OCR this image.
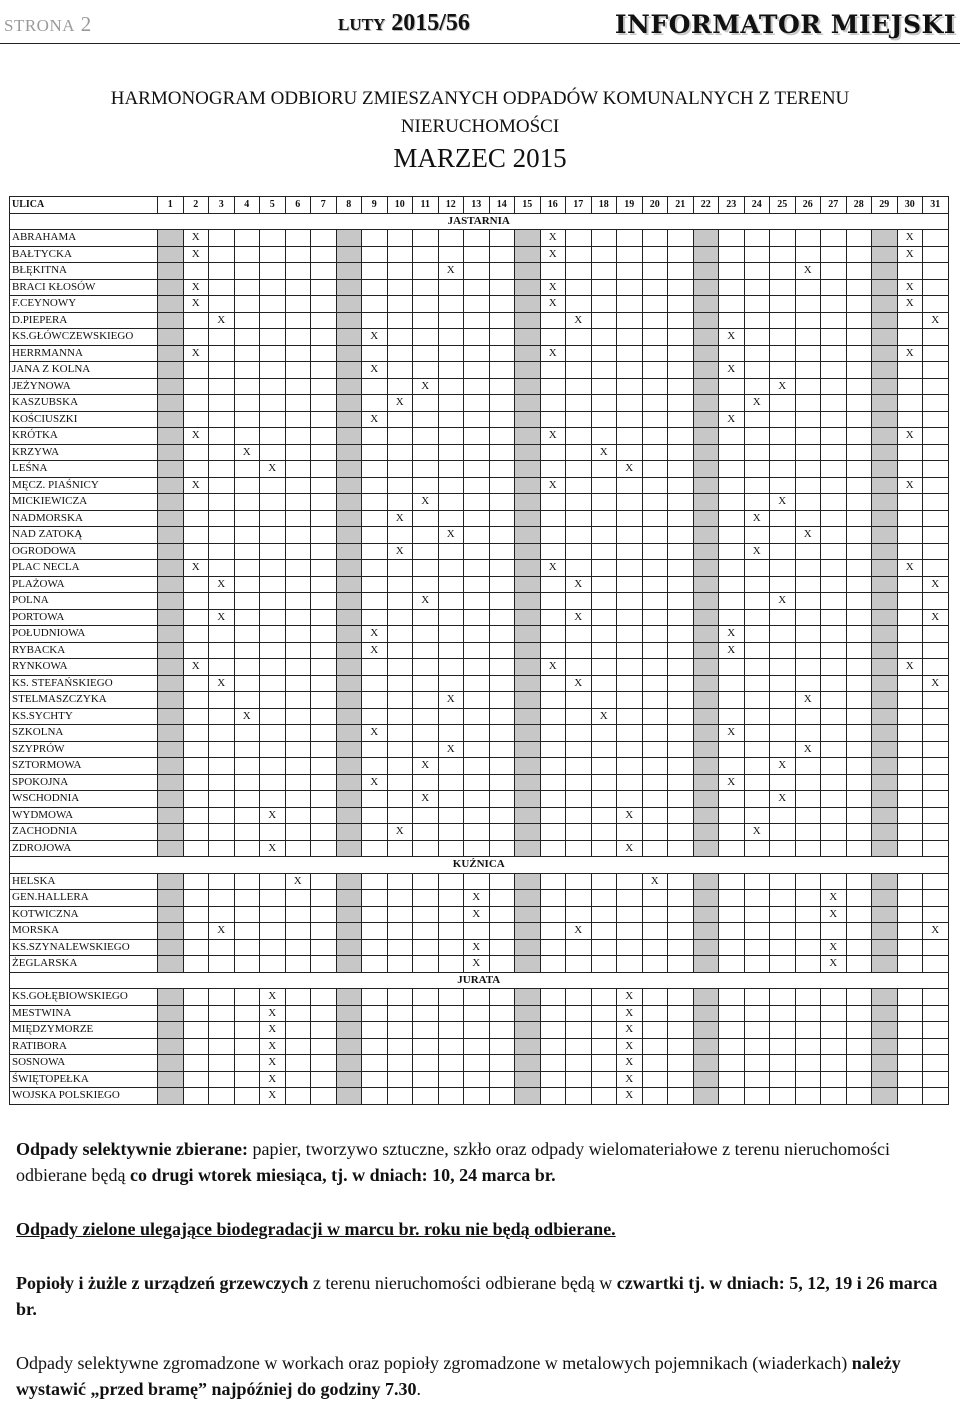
STRONA 2	LUTY 2015/56	INFORMATOR MIEJSKI
HARMONOGRAM ODBIORU ZMIESZANYCH ODPADÓW KOMUNALNYCH Z TERENU
NIERUCHOMOŚCI
MARZEC 2015
ULICA	1	2	3	4	5	6	7	8	9	10	11	12	13	14	15	16	17	18	19	20	21	22	23	24	25	26	27	28	29	30	31
JASTARNIA																															
ABRAHAMA		X														X														X	
BAŁTYCKA		X														X														X	
BŁĘKITNA												X														X					
BRACI KŁOSÓW		X														X														X	
F.CEYNOWY		X														X														X	
D.PIEPERA			X														X														X
KS.GŁÓWCZEWSKIEGO									X														X								
HERRMANNA		X														X														X	
JANA Z KOLNA									X														X								
JEŻYNOWA											X														X						
KASZUBSKA										X														X							
KOŚCIUSZKI									X														X								
KRÓTKA		X														X														X	
KRZYWA				X														X													
LEŚNA					X														X												
MĘCZ. PIAŚNICY		X														X														X	
MICKIEWICZA											X														X						
NADMORSKA										X														X							
NAD ZATOKĄ												X														X					
OGRODOWA										X														X							
PLAC NECLA		X														X														X	
PLAŻOWA			X														X														X
POLNA											X														X						
PORTOWA			X														X														X
POŁUDNIOWA									X														X								
RYBACKA									X														X								
RYNKOWA		X														X														X	
KS. STEFAŃSKIEGO			X														X														X
STELMASZCZYKA												X														X					
KS.SYCHTY				X														X													
SZKOLNA									X														X								
SZYPRÓW												X														X					
SZTORMOWA											X														X						
SPOKOJNA									X														X								
WSCHODNIA											X														X						
WYDMOWA					X														X												
ZACHODNIA										X														X							
ZDROJOWA					X														X												
KUŹNICA																															
HELSKA						X														X											
GEN.HALLERA													X														X				
KOTWICZNA													X														X				
MORSKA			X														X														X
KS.SZYNALEWSKIEGO													X														X				
ŻEGLARSKA													X														X				
JURATA																															
KS.GOŁĘBIOWSKIEGO					X														X												
MESTWINA					X														X												
MIĘDZYMORZE					X														X												
RATIBORA					X														X												
SOSNOWA					X														X												
ŚWIĘTOPEŁKA					X														X												
WOJSKA POLSKIEGO					X														X												
Odpady selektywnie zbierane: papier, tworzywo sztuczne, szkło oraz odpady wielomateriałowe z terenu nieruchomości odbierane będą co drugi wtorek miesiąca, tj. w dniach: 10, 24 marca br.
Odpady zielone ulegające biodegradacji w marcu br. roku nie będą odbierane.
Popioły i żużle z urządzeń grzewczych z terenu nieruchomości odbierane będą w czwartki tj. w dniach: 5, 12, 19 i 26 marca br.
Odpady selektywne zgromadzone w workach oraz popioły zgromadzone w metalowych pojemnikach (wiaderkach) należy wystawić „przed bramę” najpóźniej do godziny 7.30.
